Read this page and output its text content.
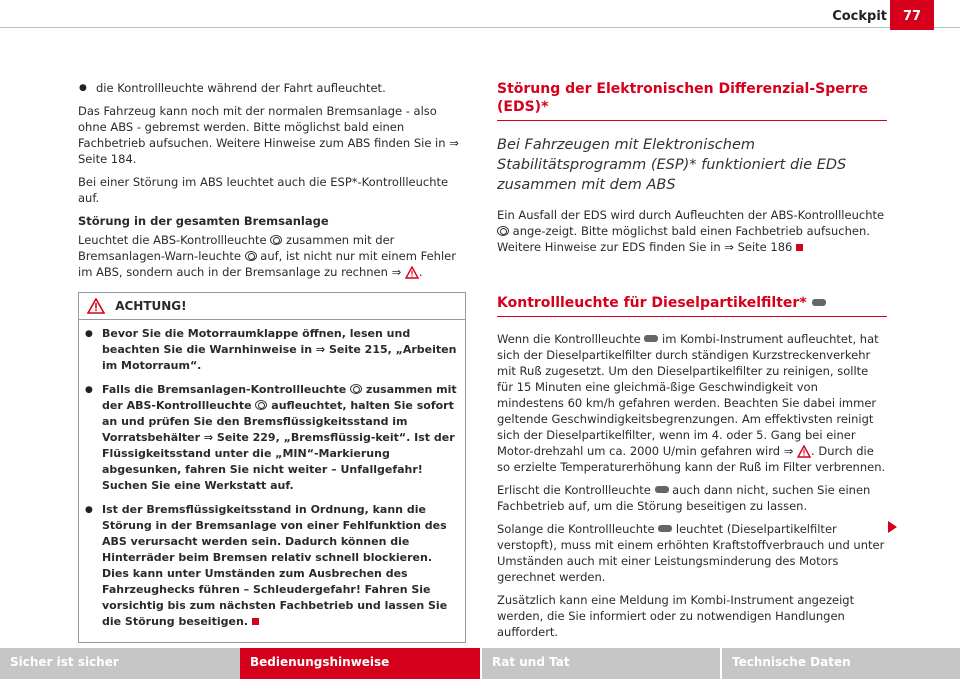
Cockpit	77

● die Kontrollleuchte während der Fahrt aufleuchtet.

Das Fahrzeug kann noch mit der normalen Bremsanlage - also ohne ABS - gebremst werden. Bitte möglichst bald einen Fachbetrieb aufsuchen. Weitere Hinweise zum ABS finden Sie in ⇒ Seite 184.

Bei einer Störung im ABS leuchtet auch die ESP*-Kontrollleuchte auf.

Störung in der gesamten Bremsanlage

Leuchtet die ABS-Kontrollleuchte zusammen mit der Bremsanlagen-Warn-leuchte auf, ist nicht nur mit einem Fehler im ABS, sondern auch in der Bremsanlage zu rechnen ⇒ .

ACHTUNG!
● Bevor Sie die Motorraumklappe öffnen, lesen und beachten Sie die Warnhinweise in ⇒ Seite 215, „Arbeiten im Motorraum“.
● Falls die Bremsanlagen-Kontrollleuchte zusammen mit der ABS-Kontrollleuchte aufleuchtet, halten Sie sofort an und prüfen Sie den Bremsflüssigkeitsstand im Vorratsbehälter ⇒ Seite 229, „Bremsflüssig-keit“. Ist der Flüssigkeitsstand unter die „MIN“-Markierung abgesunken, fahren Sie nicht weiter – Unfallgefahr! Suchen Sie eine Werkstatt auf.
● Ist der Bremsflüssigkeitsstand in Ordnung, kann die Störung in der Bremsanlage von einer Fehlfunktion des ABS verursacht werden sein. Dadurch können die Hinterräder beim Bremsen relativ schnell blockieren. Dies kann unter Umständen zum Ausbrechen des Fahrzeughecks führen – Schleudergefahr! Fahren Sie vorsichtig bis zum nächsten Fachbetrieb und lassen Sie die Störung beseitigen.
Störung der Elektronischen Differenzial-Sperre (EDS)*
Bei Fahrzeugen mit Elektronischem Stabilitätsprogramm (ESP)* funktioniert die EDS zusammen mit dem ABS

Ein Ausfall der EDS wird durch Aufleuchten der ABS-Kontrollleuchte  ange-zeigt. Bitte möglichst bald einen Fachbetrieb aufsuchen. Weitere Hinweise zur EDS finden Sie in ⇒ Seite 186

Kontrollleuchte für Dieselpartikelfilter*

Wenn die Kontrollleuchte im Kombi-Instrument aufleuchtet, hat sich der Dieselpartikelfilter durch ständigen Kurzstreckenverkehr mit Ruß zugesetzt. Um den Dieselpartikelfilter zu reinigen, sollte für 15 Minuten eine gleichmä-ßige Geschwindigkeit von mindestens 60 km/h gefahren werden. Beachten Sie dabei immer geltende Geschwindigkeitsbegrenzungen. Am effektivsten reinigt sich der Dieselpartikelfilter, wenn im 4. oder 5. Gang bei einer Motor-drehzahl um ca. 2000 U/min gefahren wird ⇒ . Durch die so erzielte Temperaturerhöhung kann der Ruß im Filter verbrennen.

Erlischt die Kontrollleuchte auch dann nicht, suchen Sie einen Fachbetrieb auf, um die Störung beseitigen zu lassen.

Solange die Kontrollleuchte leuchtet (Dieselpartikelfilter verstopft), muss mit einem erhöhten Kraftstoffverbrauch und unter Umständen auch mit einer Leistungsminderung des Motors gerechnet werden.

Zusätzlich kann eine Meldung im Kombi-Instrument angezeigt werden, die Sie informiert oder zu notwendigen Handlungen auffordert.

Sicher ist sicher	Bedienungshinweise	Rat und Tat	Technische Daten
